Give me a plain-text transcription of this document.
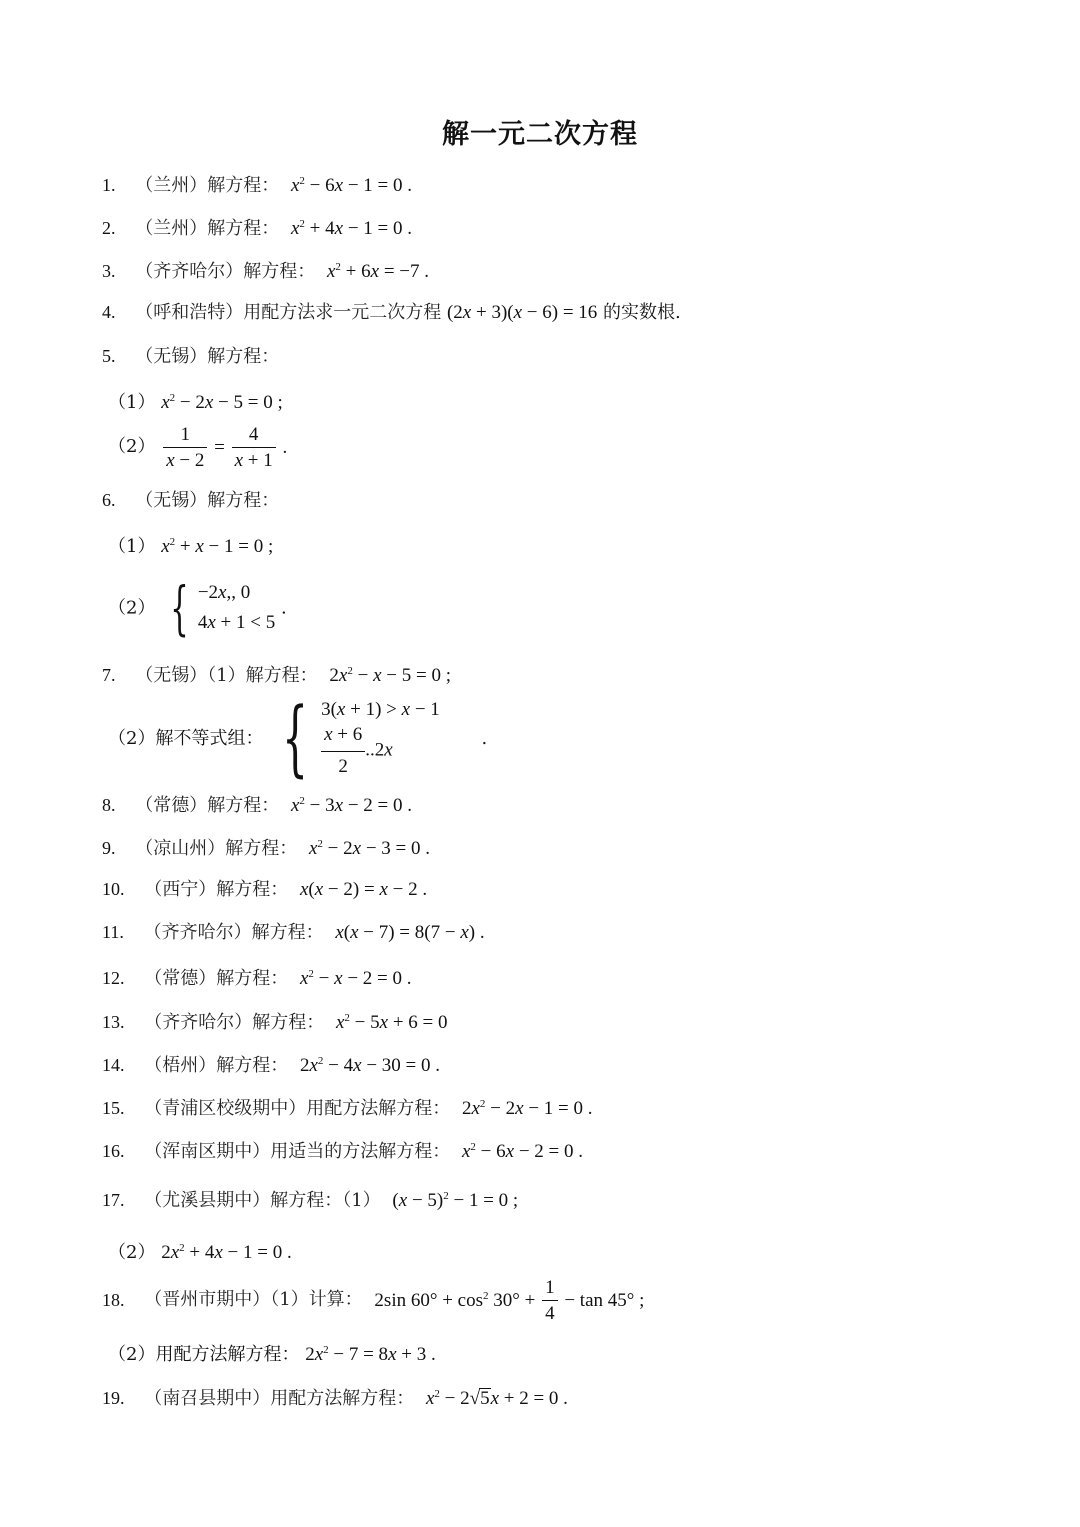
解一元二次方程
1. （兰州）解方程： $x^2 - 6x - 1 = 0$ .
2. （兰州）解方程： $x^2 + 4x - 1 = 0$ .
3. （齐齐哈尔）解方程： $x^2 + 6x = -7$ .
4. （呼和浩特）用配方法求一元二次方程 (2x + 3)(x − 6) = 16 的实数根.
5. （无锡）解方程：
（1） $x^2 - 2x - 5 = 0$ ;
$(2) \frac{1}{x - 2} = \frac{4}{x + 1}$ .
6. （无锡）解方程：
（1） $x^2 + x - 1 = 0$ ;
（2） { −2x,, 0
4x + 1 < 5
.
7. （无锡）（1）解方程： $2x^2 - x - 5 = 0$ ;
（2）解不等式组： { 3(x + 1) > x − 1
$\frac{x + 6}{2} ..2x$
.
8. （常德）解方程： $x^2 - 3x - 2 = 0$ .
9. （凉山州）解方程： $x^2 - 2x - 3 = 0$ .
10. （西宁）解方程： x(x − 2) = x − 2 .
11. （齐齐哈尔）解方程： x(x − 7) = 8(7 − x) .
12. （常德）解方程： $x^2 - x - 2 = 0$ .
13. （齐齐哈尔）解方程： $x^2 - 5x + 6 = 0$
14. （梧州）解方程： $2x^2 - 4x - 30 = 0$ .
15. （青浦区校级期中）用配方法解方程： $2x^2 - 2x - 1 = 0$ .
16. （浑南区期中）用适当的方法解方程： $x^2 - 6x - 2 = 0$ .
17. （尤溪县期中）解方程：（1） $(x - 5)^2 - 1 = 0$ ;
（2） $2x^2 + 4x - 1 = 0$ .
18. （晋州市期中）（1）计算： 2sin $60^\circ + \cos^2 30^\circ + \frac{1}{4} - \tan 45^\circ$ ;
（2）用配方法解方程： $2x^2 - 7 = 8x + 3$ .
19. （南召县期中）用配方法解方程： $x^2 - 2√5x + 2 = 0$ .
